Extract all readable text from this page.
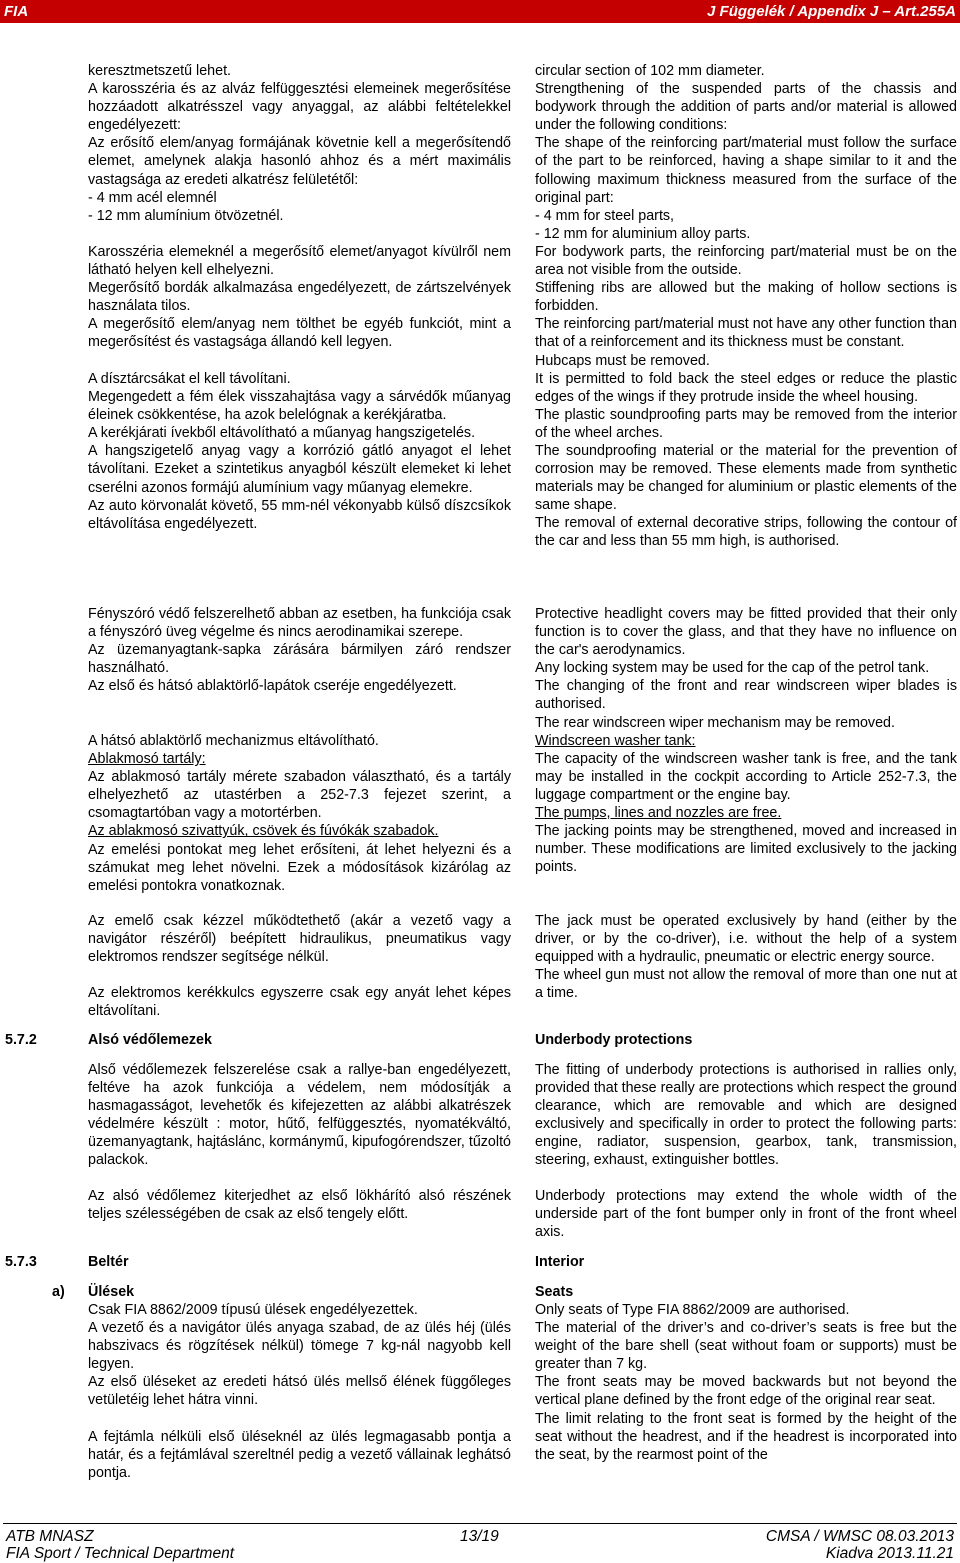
FIA	J Függelék / Appendix J – Art.255A

keresztmetszetű lehet.

A karosszéria és az alváz felfüggesztési elemeinek megerősítése hozzáadott alkatrésszel vagy anyaggal, az alábbi feltételekkel engedélyezett:

Az erősítő elem/anyag formájának követnie kell a megerősítendő elemet, amelynek alakja hasonló ahhoz és a mért maximális vastagsága az eredeti alkatrész felületétől:

- 4 mm acél elemnél

- 12 mm alumínium ötvözetnél.

Karosszéria elemeknél a megerősítő elemet/anyagot kívülről nem látható helyen kell elhelyezni.

Megerősítő bordák alkalmazása engedélyezett, de zártszelvények használata tilos.

A megerősítő elem/anyag nem tölthet be egyéb funkciót, mint a megerősítést és vastagsága állandó kell legyen.

A dísztárcsákat el kell távolítani.

Megengedett a fém élek visszahajtása vagy a sárvédők műanyag éleinek csökkentése, ha azok belelógnak a kerékjáratba.

A kerékjárati ívekből eltávolítható a műanyag hangszigetelés.

A hangszigetelő anyag vagy a korrózió gátló anyagot el lehet távolítani. Ezeket a szintetikus anyagból készült elemeket ki lehet cserélni azonos formájú alumínium vagy műanyag elemekre.

Az auto körvonalát követő, 55 mm-nél vékonyabb külső díszcsíkok eltávolítása engedélyezett.

Fényszóró védő felszerelhető abban az esetben, ha funkciója csak a fényszóró üveg végelme és nincs aerodinamikai szerepe.

Az üzemanyagtank-sapka zárására bármilyen záró rendszer használható.

Az első és hátsó ablaktörlő-lapátok cseréje engedélyezett.

A hátsó ablaktörlő mechanizmus eltávolítható.

Ablakmosó tartály:

Az ablakmosó tartály mérete szabadon választható, és a tartály elhelyezhető az utastérben a 252-7.3 fejezet szerint, a csomagtartóban vagy a motortérben.

Az ablakmosó szivattyúk, csövek és fúvókák szabadok.

Az emelési pontokat meg lehet erősíteni, át lehet helyezni és a számukat meg lehet növelni. Ezek a módosítások kizárólag az emelési pontokra vonatkoznak.

Az emelő csak kézzel működtethető (akár a vezető vagy a navigátor részéről) beépített hidraulikus, pneumatikus vagy elektromos rendszer segítsége nélkül.

Az elektromos kerékkulcs egyszerre csak egy anyát lehet képes eltávolítani.

5.7.2	Alsó védőlemezek

Alső védőlemezek felszerelése csak a rallye-ban engedélyezett, feltéve ha azok funkciója a védelem, nem módosítják a hasmagasságot, levehetők és kifejezetten az alábbi alkatrészek védelmére készült : motor, hűtő, felfüggesztés, nyomatékváltó, üzemanyagtank, hajtáslánc, kormánymű, kipufogórendszer, tűzoltó palackok.

Az alsó védőlemez kiterjedhet az első lökhárító alsó részének teljes szélességében de csak az első tengely előtt.

5.7.3	Beltér
a) Ülések

Csak FIA 8862/2009 típusú ülések engedélyezettek.

A vezető és a navigátor ülés anyaga szabad, de az ülés héj (ülés habszivacs és rögzítések nélkül) tömege 7 kg-nál nagyobb kell legyen.

Az első üléseket az eredeti hátsó ülés mellső élének függőleges vetületéig lehet hátra vinni.

A fejtámla nélküli első üléseknél az ülés legmagasabb pontja a határ, és a fejtámlával szereltnél pedig a vezető vállainak leghátsó pontja.

circular section of 102 mm diameter.

Strengthening of the suspended parts of the chassis and bodywork through the addition of parts and/or material is allowed under the following conditions:

The shape of the reinforcing part/material must follow the surface of the part to be reinforced, having a shape similar to it and the following maximum thickness measured from the surface of the original part:

- 4 mm for steel parts,

- 12 mm for aluminium alloy parts.

For bodywork parts, the reinforcing part/material must be on the area not visible from the outside.

Stiffening ribs are allowed but the making of hollow sections is forbidden.

The reinforcing part/material must not have any other function than that of a reinforcement and its thickness must be constant.

Hubcaps must be removed.

It is permitted to fold back the steel edges or reduce the plastic edges of the wings if they protrude inside the wheel housing.

The plastic soundproofing parts may be removed from the interior of the wheel arches.

The soundproofing material or the material for the prevention of corrosion may be removed. These elements made from synthetic materials may be changed for aluminium or plastic elements of the same shape.

The removal of external decorative strips, following the contour of the car and less than 55 mm high, is authorised.

Protective headlight covers may be fitted provided that their only function is to cover the glass, and that they have no influence on the car's aerodynamics.

Any locking system may be used for the cap of the petrol tank.

The changing of the front and rear windscreen wiper blades is authorised.

The rear windscreen wiper mechanism may be removed.

Windscreen washer tank:

The capacity of the windscreen washer tank is free, and the tank may be installed in the cockpit according to Article 252-7.3, the luggage compartment or the engine bay.

The pumps, lines and nozzles are free.

The jacking points may be strengthened, moved and increased in number. These modifications are limited exclusively to the jacking points.

The jack must be operated exclusively by hand (either by the driver, or by the co-driver), i.e. without the help of a system equipped with a hydraulic, pneumatic or electric energy source.

The wheel gun must not allow the removal of more than one nut at a time.

Underbody protections

The fitting of underbody protections is authorised in rallies only, provided that these really are protections which respect the ground clearance, which are removable and which are designed exclusively and specifically in order to protect the following parts: engine, radiator, suspension, gearbox, tank, transmission, steering, exhaust, extinguisher bottles.

Underbody protections may extend the whole width of the underside part of the font bumper only in front of the front wheel axis.

Interior
Seats

Only seats of Type FIA 8862/2009 are authorised.

The material of the driver’s and co-driver’s seats is free but the weight of the bare shell (seat without foam or supports) must be greater than 7 kg.

The front seats may be moved backwards but not beyond the vertical plane defined by the front edge of the original rear seat.

The limit relating to the front seat is formed by the height of the seat without the headrest, and if the headrest is incorporated into the seat, by the rearmost point of the

ATB MNASZ
FIA Sport / Technical Department
13/19	CMSA / WMSC 08.03.2013
Kiadva 2013.11.21
